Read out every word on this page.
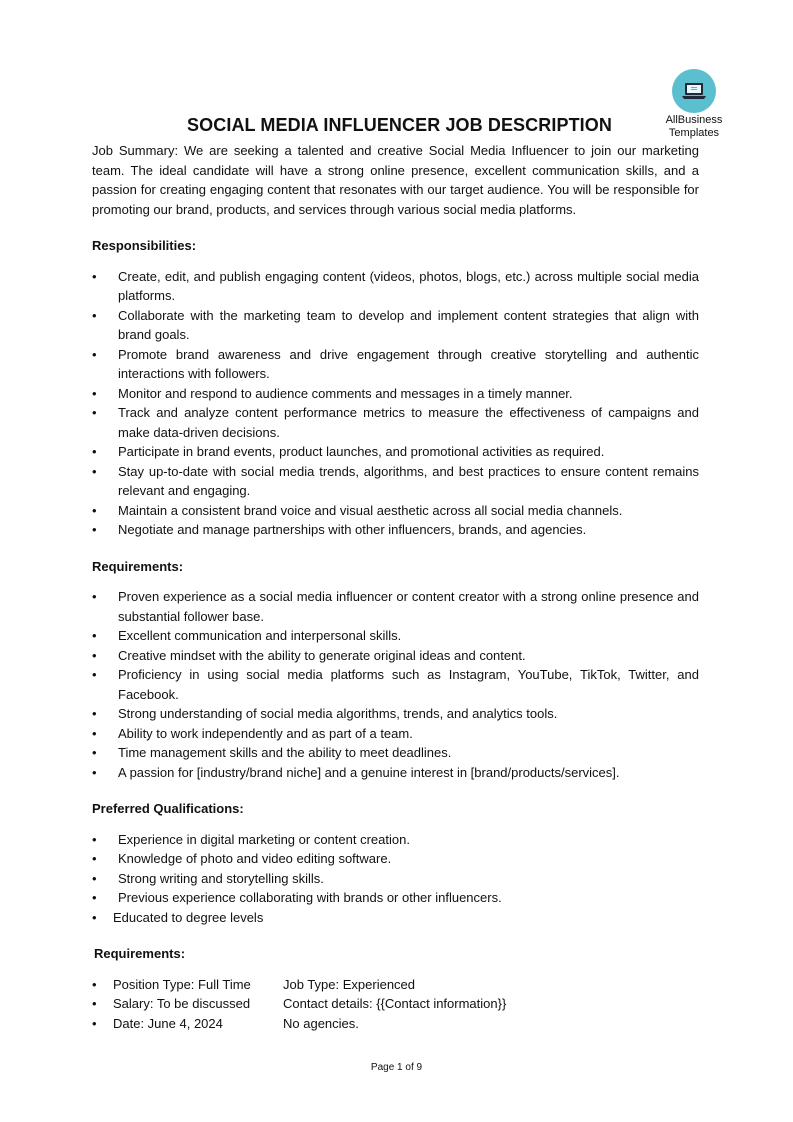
AllBusiness
Templates
SOCIAL MEDIA INFLUENCER JOB DESCRIPTION

Job Summary: We are seeking a talented and creative Social Media Influencer to join our marketing team. The ideal candidate will have a strong online presence, excellent communication skills, and a passion for creating engaging content that resonates with our target audience. You will be responsible for promoting our brand, products, and services through various social media platforms.

Responsibilities:
• Create, edit, and publish engaging content (videos, photos, blogs, etc.) across multiple social media platforms.
• Collaborate with the marketing team to develop and implement content strategies that align with brand goals.
• Promote brand awareness and drive engagement through creative storytelling and authentic interactions with followers.
• Monitor and respond to audience comments and messages in a timely manner.
• Track and analyze content performance metrics to measure the effectiveness of campaigns and make data-driven decisions.
• Participate in brand events, product launches, and promotional activities as required.
• Stay up-to-date with social media trends, algorithms, and best practices to ensure content remains relevant and engaging.
• Maintain a consistent brand voice and visual aesthetic across all social media channels.
• Negotiate and manage partnerships with other influencers, brands, and agencies.
Requirements:
• Proven experience as a social media influencer or content creator with a strong online presence and substantial follower base.
• Excellent communication and interpersonal skills.
• Creative mindset with the ability to generate original ideas and content.
• Proficiency in using social media platforms such as Instagram, YouTube, TikTok, Twitter, and Facebook.
• Strong understanding of social media algorithms, trends, and analytics tools.
• Ability to work independently and as part of a team.
• Time management skills and the ability to meet deadlines.
• A passion for [industry/brand niche] and a genuine interest in [brand/products/services].
Preferred Qualifications:
• Experience in digital marketing or content creation.
• Knowledge of photo and video editing software.
• Strong writing and storytelling skills.
• Previous experience collaborating with brands or other influencers.
• Educated to degree levels
Requirements:
• Position Type: Full Time Job Type: Experienced
• Salary: To be discussed	Contact details: {{Contact information}}
• Date: June 4, 2024	No agencies.
Page 1 of 9
